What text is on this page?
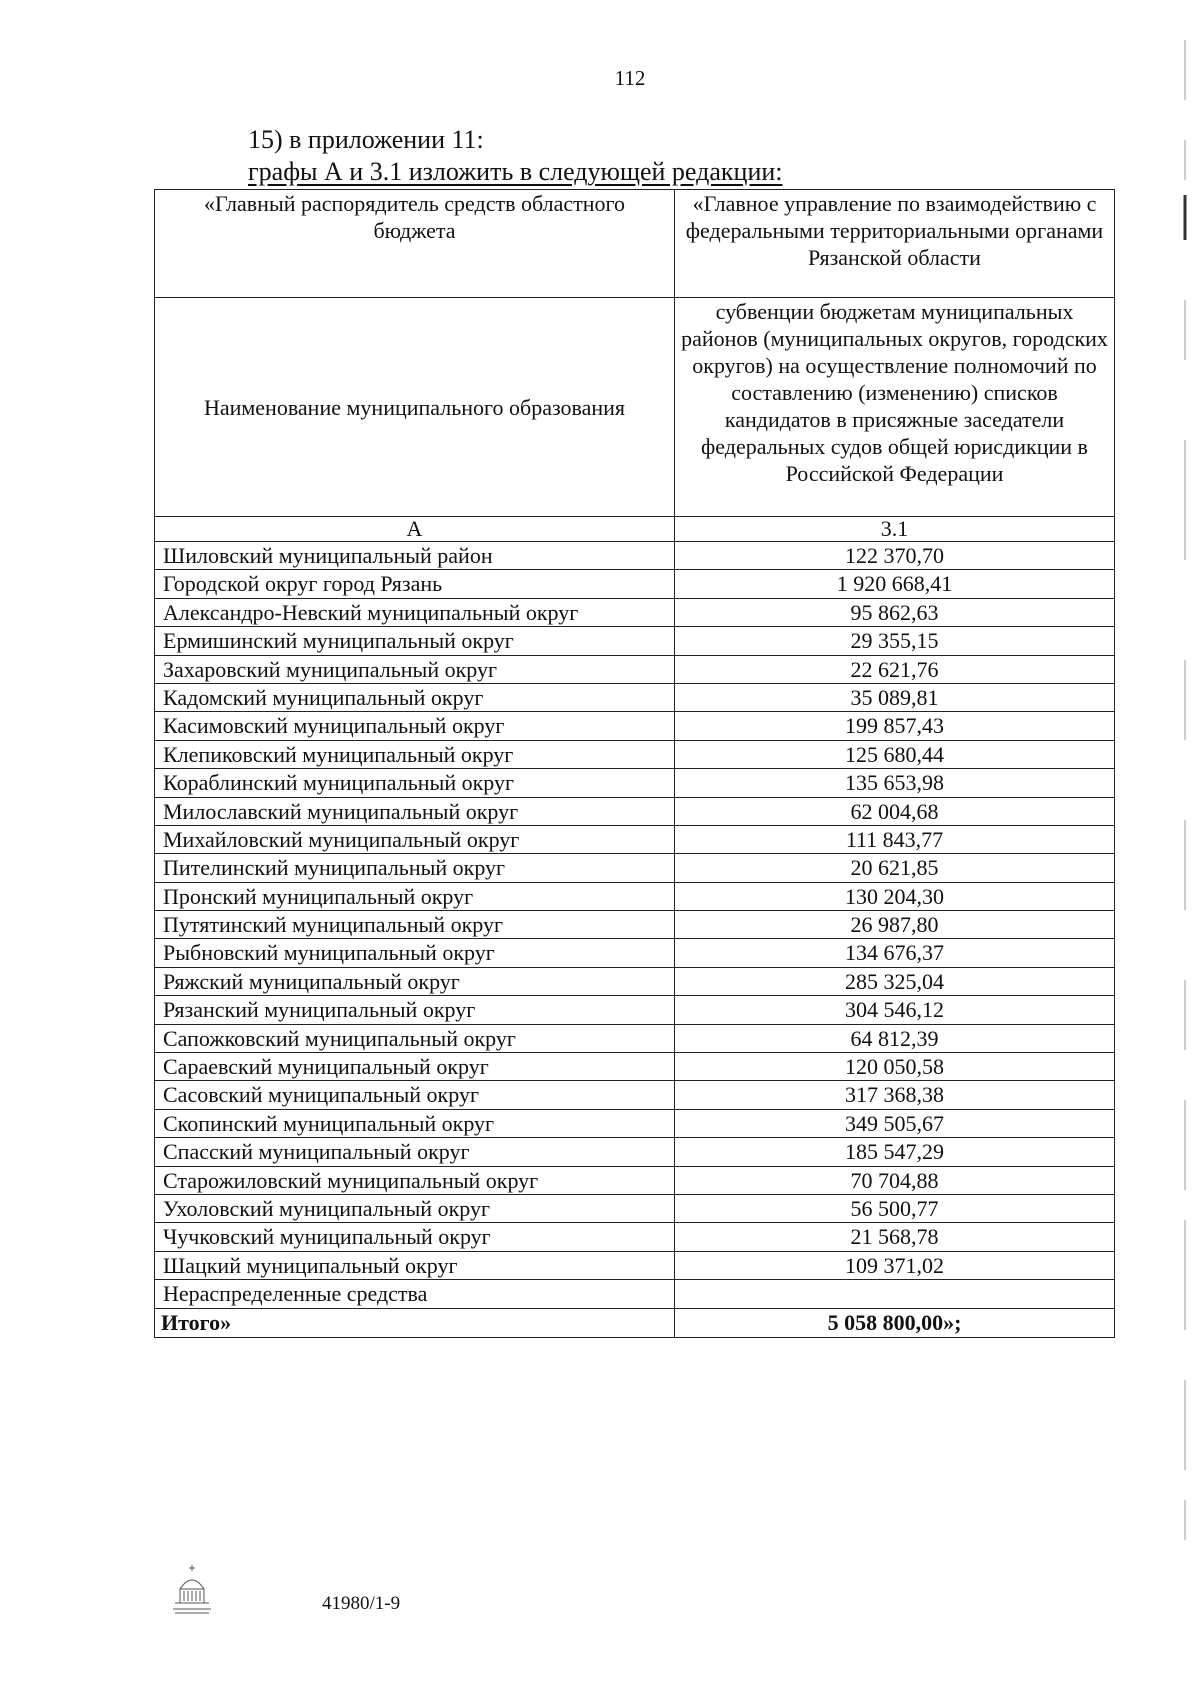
112
15) в приложении 11:
графы А и 3.1 изложить в следующей редакции:
«Главный распорядитель средств областного бюджета	«Главное управление по взаимодействию с федеральными территориальными органами Рязанской области
Наименование муниципального образования	субвенции бюджетам муниципальных районов (муниципальных округов, городских округов) на осуществление полномочий по составлению (изменению) списков кандидатов в присяжные заседатели федеральных судов общей юрисдикции в Российской Федерации
А	3.1
Шиловский муниципальный район	122 370,70
Городской округ город Рязань	1 920 668,41
Александро-Невский муниципальный округ	95 862,63
Ермишинский муниципальный округ	29 355,15
Захаровский муниципальный округ	22 621,76
Кадомский муниципальный округ	35 089,81
Касимовский муниципальный округ	199 857,43
Клепиковский муниципальный округ	125 680,44
Кораблинский муниципальный округ	135 653,98
Милославский муниципальный округ	62 004,68
Михайловский муниципальный округ	111 843,77
Пителинский муниципальный округ	20 621,85
Пронский муниципальный округ	130 204,30
Путятинский муниципальный округ	26 987,80
Рыбновский муниципальный округ	134 676,37
Ряжский муниципальный округ	285 325,04
Рязанский муниципальный округ	304 546,12
Сапожковский муниципальный округ	64 812,39
Сараевский муниципальный округ	120 050,58
Сасовский муниципальный округ	317 368,38
Скопинский муниципальный округ	349 505,67
Спасский муниципальный округ	185 547,29
Старожиловский муниципальный округ	70 704,88
Ухоловский муниципальный округ	56 500,77
Чучковский муниципальный округ	21 568,78
Шацкий муниципальный округ	109 371,02
Нераспределенные средства	
Итого»	5 058 800,00»;
41980/1-9
